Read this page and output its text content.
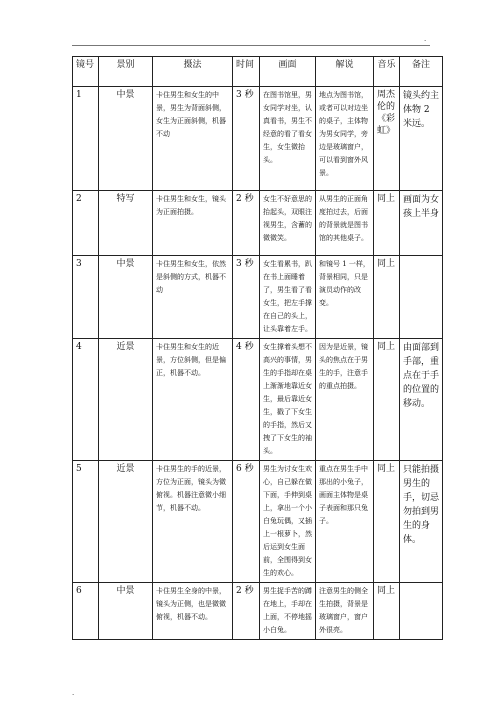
.
镜号	景别	摄法	时间	画面	解说	音乐	备注
1	中景	卡住男生和女生的中景，男生为背面斜侧，女生为正面斜侧，机器不动	3 秒	在图书馆里，男女同学对坐，认真看书，男生不经意的看了看女生，女生微抬头。	地点为图书馆，或者可以对边坐的桌子，主体物为男女同学，旁边是玻璃窗户，可以看到窗外风景。	周杰伦的《彩虹》	镜头约主体物 2 米远。
2	特写	卡住男生和女生，镜头为正面拍摄。	2 秒	女生不好意思的抬起头，双眼注视男生，含蓄的微微笑。	从男生的正面角度拍过去，后面的背景就是图书馆的其他桌子。	同上	画面为女孩上半身
3	中景	卡住男生和女生，依然是斜侧的方式，机器不动	3 秒	女生看累书，趴在书上面睡着了，男生看了看女生，把左手撑在自己的头上，让头靠着左手。	和镜号 1 一样，背景相同，只是演员动作的改变。	同上	
4	近景	卡住男生和女生的近景，方位斜侧，但是偏正，机器不动。	4 秒	女生撑着头想不高兴的事情，男生的手指却在桌上渐渐地靠近女生，最后靠近女生，戳了下女生的手指，然后又拽了下女生的袖头。	因为是近景，镜头的焦点在于男生的手，注意手的重点拍摄。	同上	由面部到手部，重点在于手的位置的移动。
5	近景	卡住男生的手的近景，方位为正面，镜头为微俯视。机器注意微小细节，机器不动。	6 秒	男生为讨女生欢心，自己躲在做下面，手伸到桌上，拿出一个小白兔玩偶，又插上一根萝卜，然后运到女生面前，全围得到女生的欢心。	重点在男生手中那出的小兔子，画面主体物是桌子表面和那只兔子。	同上	只能拍摄男生的手，切忌勿拍到男生的身体。
6	中景	卡住男生全身的中景，镜头为正侧，也是微微俯视，机器不动。	2 秒	男生捉手苦的蹲在地上，手却在上面，不停地摇小白兔。	注意男生的侧全生拍摄，背景是玻璃窗户，窗户外很亮。	同上	
.
